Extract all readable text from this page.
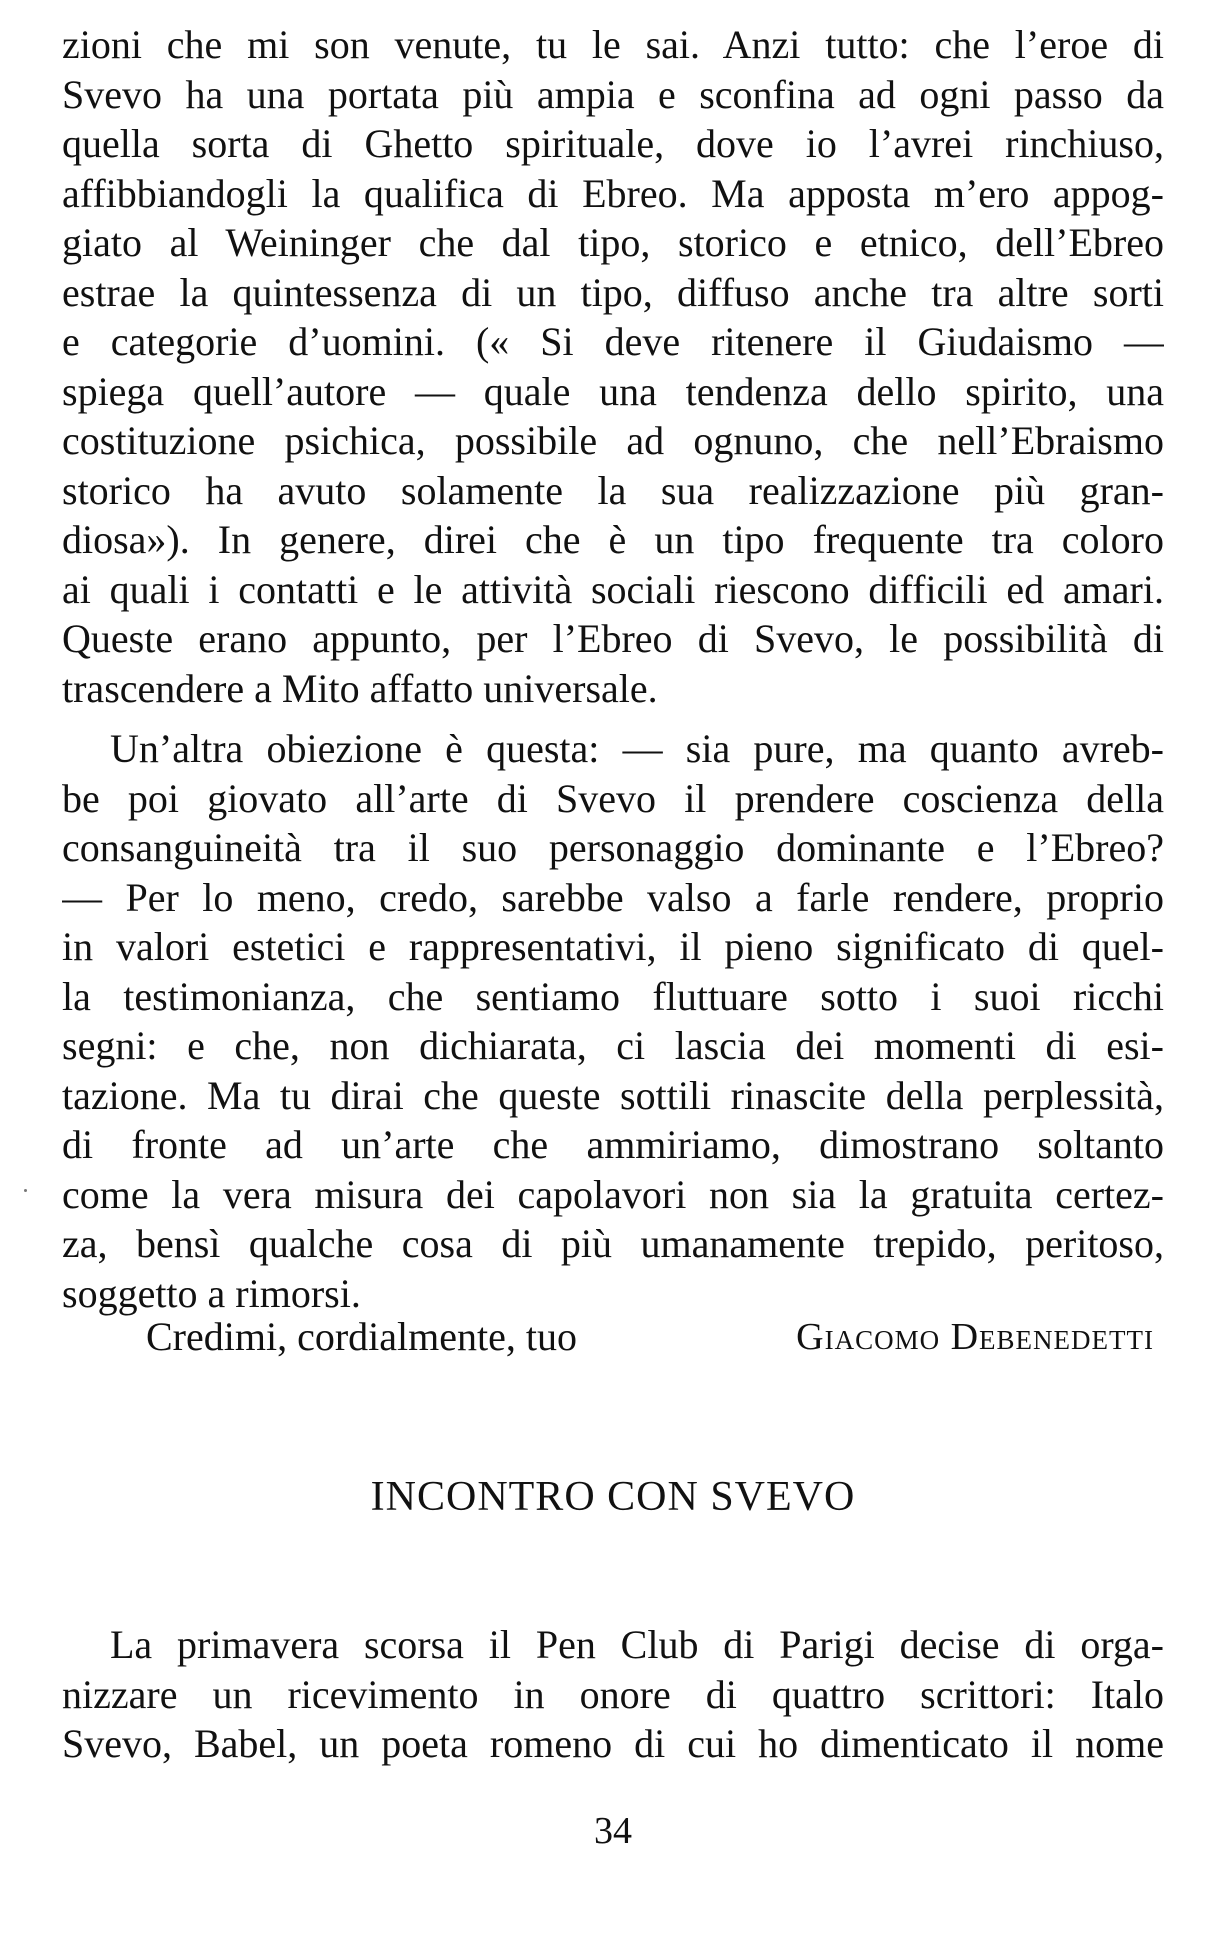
zioni che mi son venute, tu le sai. Anzi tutto: che l’eroe di
Svevo ha una portata più ampia e sconfina ad ogni passo da
quella sorta di Ghetto spirituale, dove io l’avrei rinchiuso,
affibbiandogli la qualifica di Ebreo. Ma apposta m’ero appog-
giato al Weininger che dal tipo, storico e etnico, dell’Ebreo
estrae la quintessenza di un tipo, diffuso anche tra altre sorti
e categorie d’uomini. (« Si deve ritenere il Giudaismo —
spiega quell’autore — quale una tendenza dello spirito, una
costituzione psichica, possibile ad ognuno, che nell’Ebraismo
storico ha avuto solamente la sua realizzazione più gran-
diosa»). In genere, direi che è un tipo frequente tra coloro
ai quali i contatti e le attività sociali riescono difficili ed amari.
Queste erano appunto, per l’Ebreo di Svevo, le possibilità di
trascendere a Mito affatto universale.
Un’altra obiezione è questa: — sia pure, ma quanto avreb-
be poi giovato all’arte di Svevo il prendere coscienza della
consanguineità tra il suo personaggio dominante e l’Ebreo?
— Per lo meno, credo, sarebbe valso a farle rendere, proprio
in valori estetici e rappresentativi, il pieno significato di quel-
la testimonianza, che sentiamo fluttuare sotto i suoi ricchi
segni: e che, non dichiarata, ci lascia dei momenti di esi-
tazione. Ma tu dirai che queste sottili rinascite della perplessità,
di fronte ad un’arte che ammiriamo, dimostrano soltanto
come la vera misura dei capolavori non sia la gratuita certez-
za, bensì qualche cosa di più umanamente trepido, peritoso,
soggetto a rimorsi.
Credimi, cordialmente, tuo	Giacomo Debenedetti
INCONTRO CON SVEVO
La primavera scorsa il Pen Club di Parigi decise di orga-
nizzare un ricevimento in onore di quattro scrittori: Italo
Svevo, Babel, un poeta romeno di cui ho dimenticato il nome
34
